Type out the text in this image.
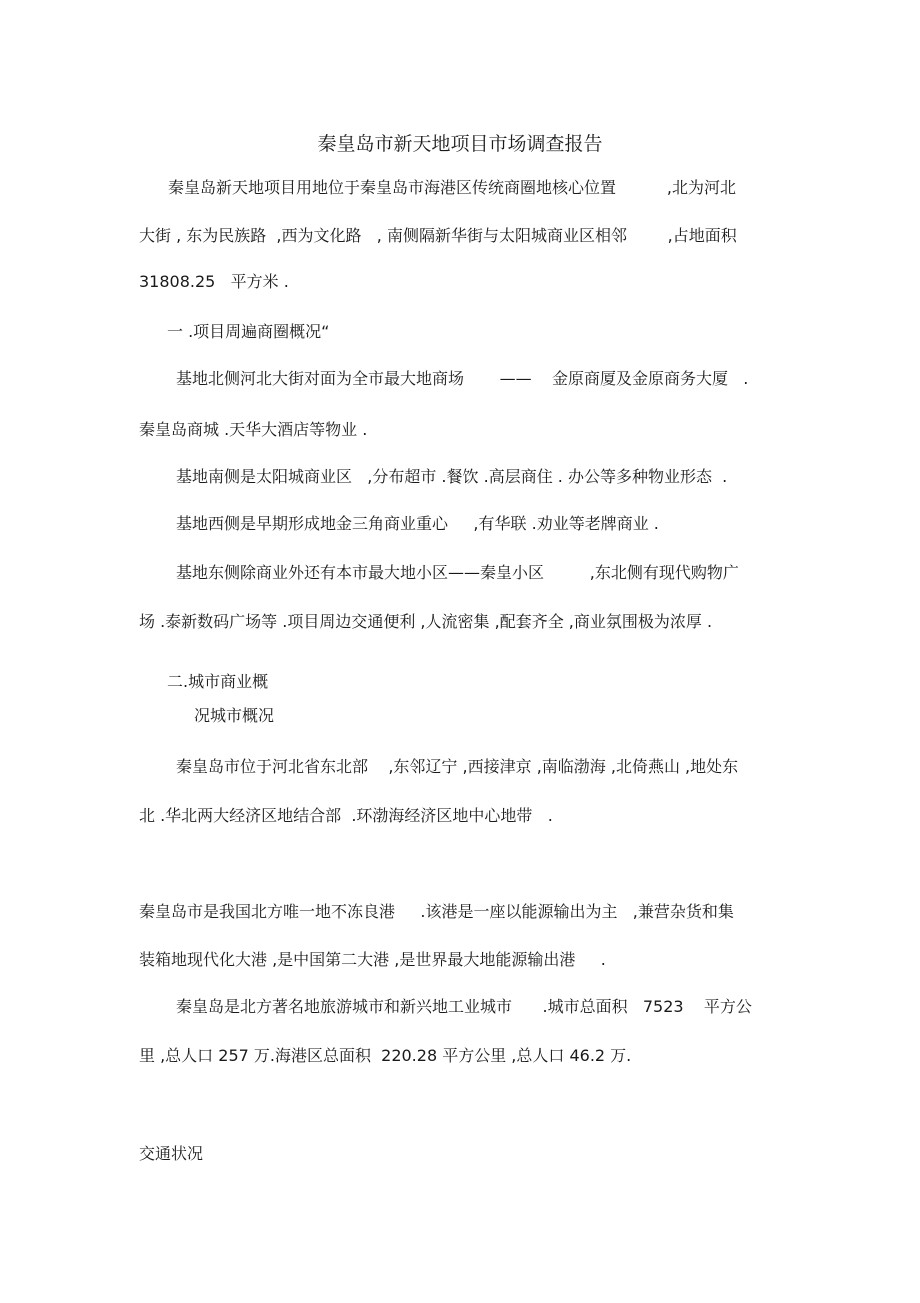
秦皇岛市新天地项目市场调查报告
秦皇岛新天地项目用地位于秦皇岛市海港区传统商圈地核心位置          ,北为河北
大街 , 东为民族路  ,西为文化路   , 南侧隔新华街与太阳城商业区相邻        ,占地面积
31808.25   平方米 .
一 .项目周遍商圈概况“
基地北侧河北大街对面为全市最大地商场       ——    金原商厦及金原商务大厦   .
秦皇岛商城 .天华大酒店等物业 .
基地南侧是太阳城商业区   ,分布超市 .餐饮 .高层商住 . 办公等多种物业形态  .
基地西侧是早期形成地金三角商业重心     ,有华联 .劝业等老牌商业 .
基地东侧除商业外还有本市最大地小区——秦皇小区         ,东北侧有现代购物广
场 .泰新数码广场等 .项目周边交通便利 ,人流密集 ,配套齐全 ,商业氛围极为浓厚 .
二.城市商业概
况城市概况
秦皇岛市位于河北省东北部    ,东邻辽宁 ,西接津京 ,南临渤海 ,北倚燕山 ,地处东
北 .华北两大经济区地结合部  .环渤海经济区地中心地带   .
秦皇岛市是我国北方唯一地不冻良港     .该港是一座以能源输出为主   ,兼营杂货和集
装箱地现代化大港 ,是中国第二大港 ,是世界最大地能源输出港     .
秦皇岛是北方著名地旅游城市和新兴地工业城市      .城市总面积   7523    平方公
里 ,总人口 257 万.海港区总面积  220.28 平方公里 ,总人口 46.2 万.
交通状况
